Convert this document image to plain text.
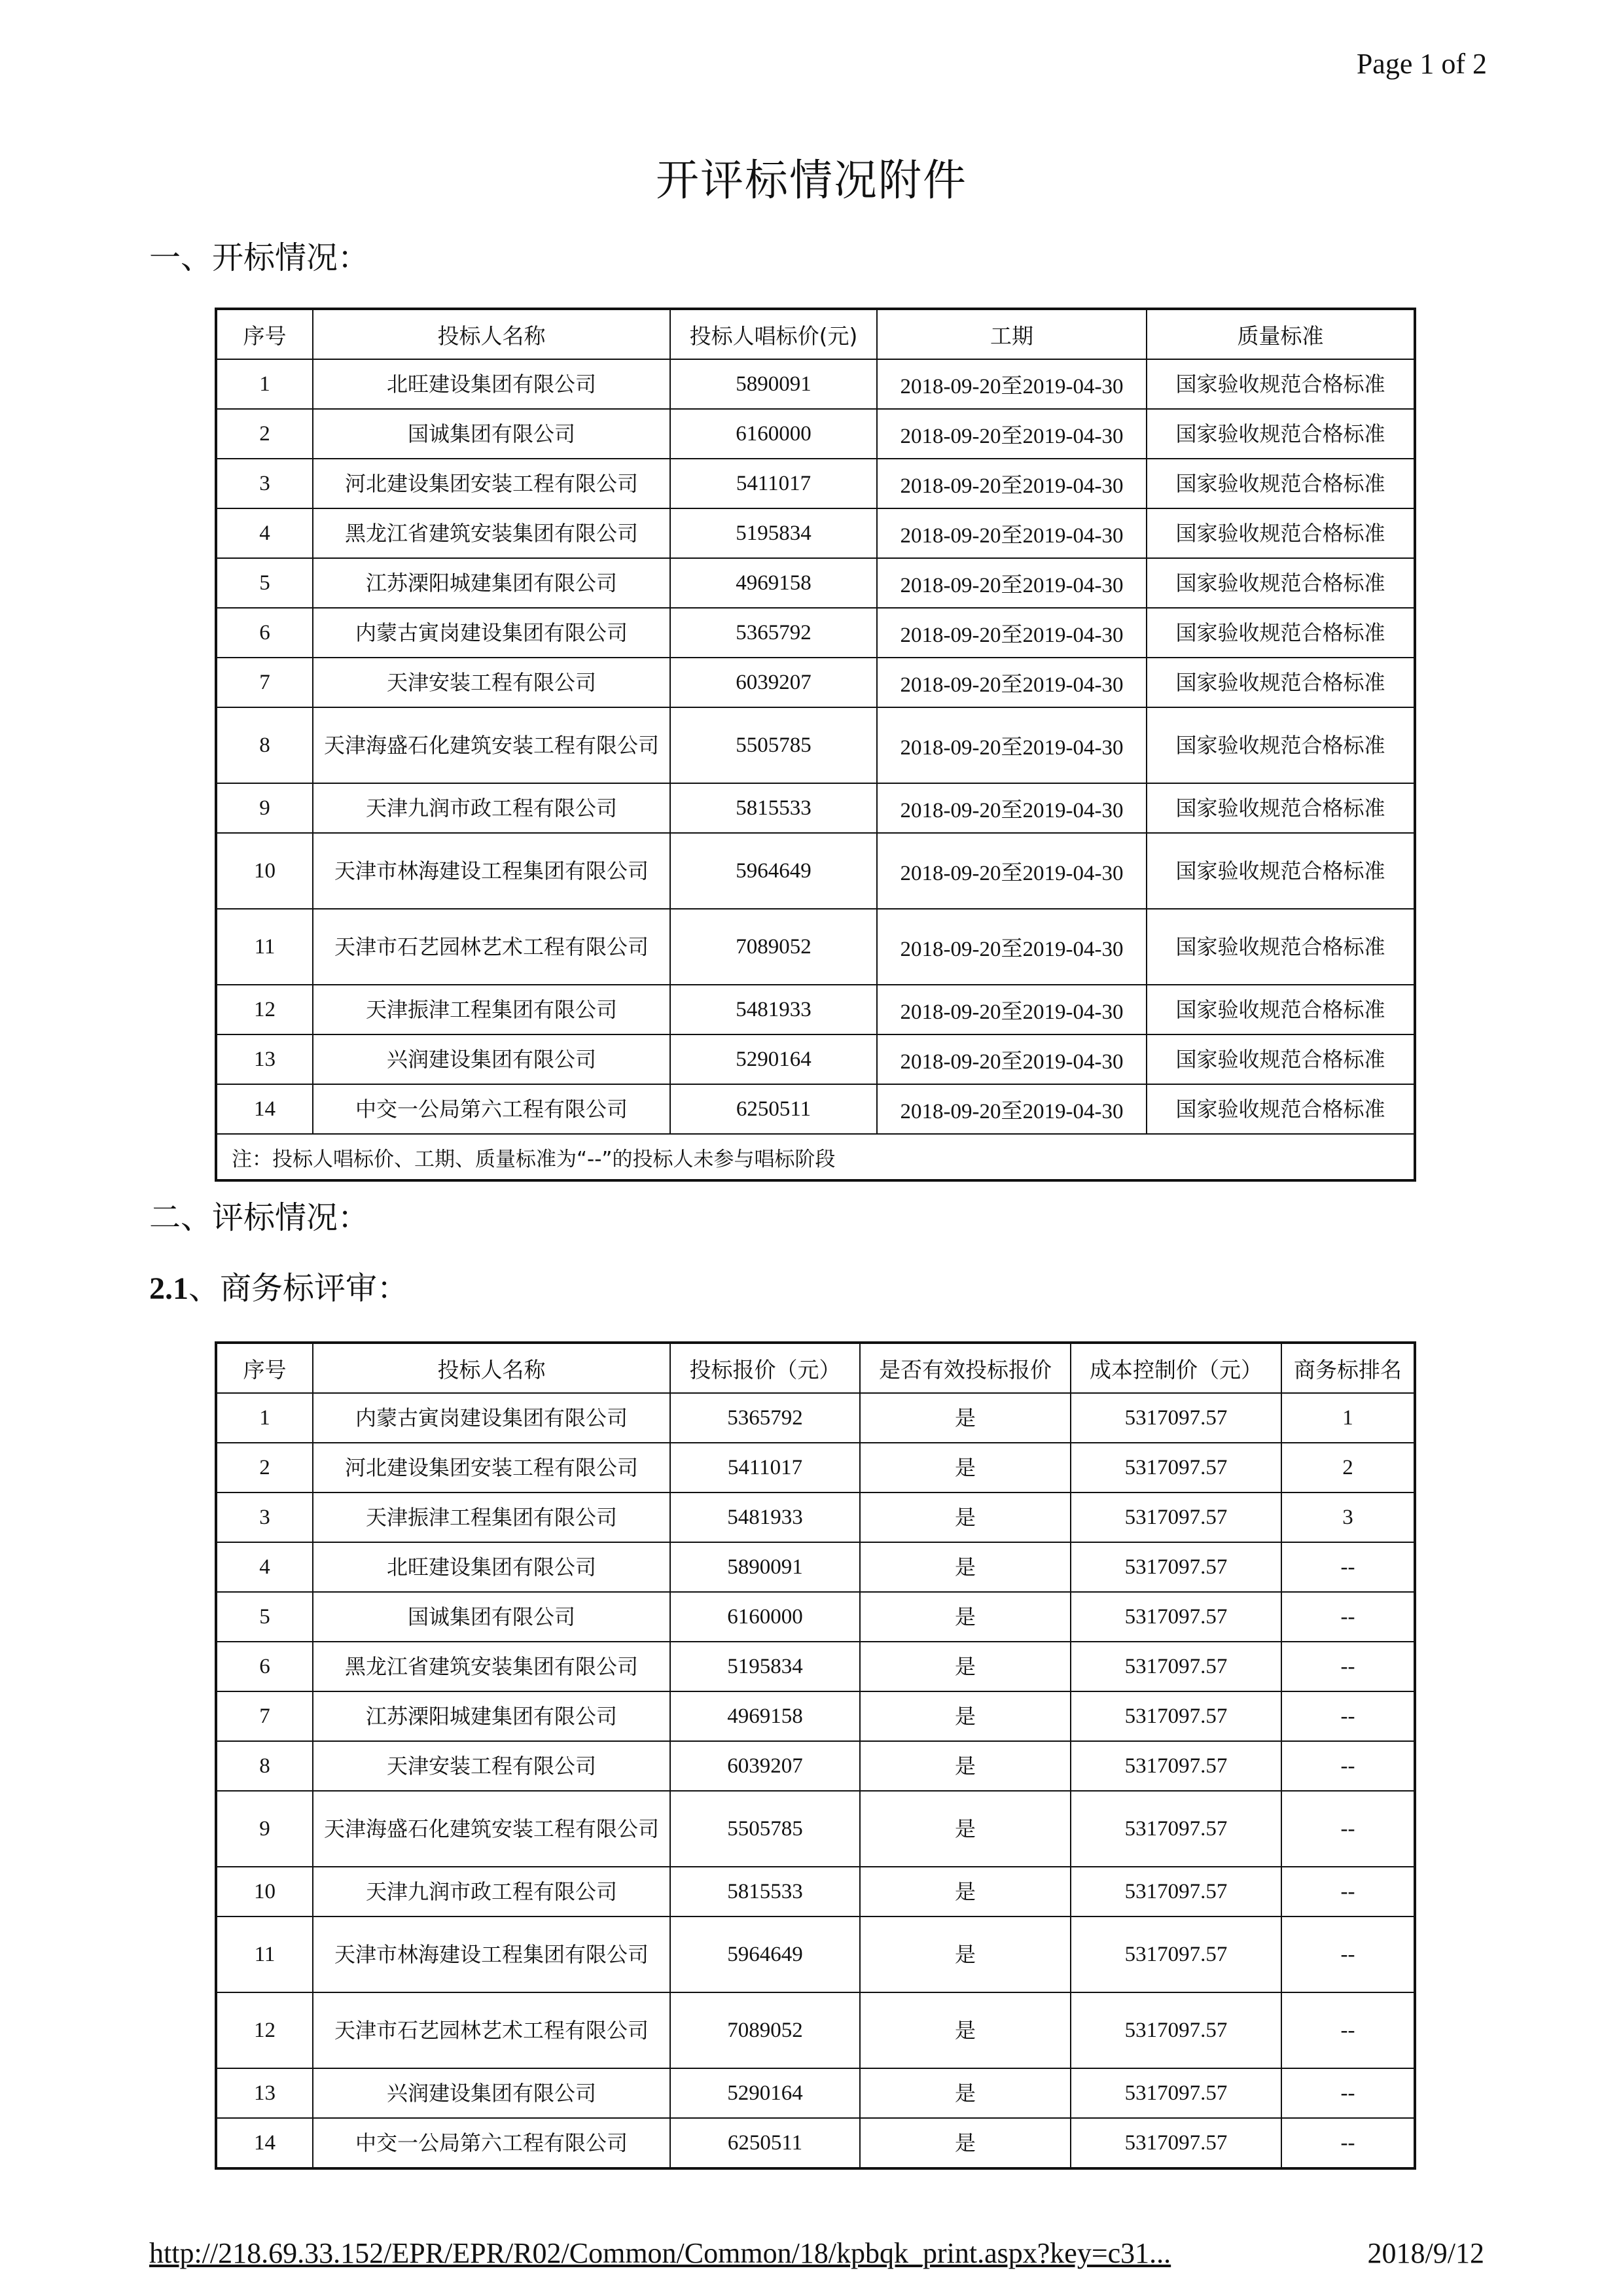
Page 1 of 2
开评标情况附件
一、开标情况：
序号	投标人名称	投标人唱标价(元)	工期	质量标准
1	北旺建设集团有限公司	5890091	2018-09-20至2019-04-30	国家验收规范合格标准
2	国诚集团有限公司	6160000	2018-09-20至2019-04-30	国家验收规范合格标准
3	河北建设集团安装工程有限公司	5411017	2018-09-20至2019-04-30	国家验收规范合格标准
4	黑龙江省建筑安装集团有限公司	5195834	2018-09-20至2019-04-30	国家验收规范合格标准
5	江苏溧阳城建集团有限公司	4969158	2018-09-20至2019-04-30	国家验收规范合格标准
6	内蒙古寅岗建设集团有限公司	5365792	2018-09-20至2019-04-30	国家验收规范合格标准
7	天津安装工程有限公司	6039207	2018-09-20至2019-04-30	国家验收规范合格标准
8	天津海盛石化建筑安装工程有限公司	5505785	2018-09-20至2019-04-30	国家验收规范合格标准
9	天津九润市政工程有限公司	5815533	2018-09-20至2019-04-30	国家验收规范合格标准
10	天津市林海建设工程集团有限公司	5964649	2018-09-20至2019-04-30	国家验收规范合格标准
11	天津市石艺园林艺术工程有限公司	7089052	2018-09-20至2019-04-30	国家验收规范合格标准
12	天津振津工程集团有限公司	5481933	2018-09-20至2019-04-30	国家验收规范合格标准
13	兴润建设集团有限公司	5290164	2018-09-20至2019-04-30	国家验收规范合格标准
14	中交一公局第六工程有限公司	6250511	2018-09-20至2019-04-30	国家验收规范合格标准
注：投标人唱标价、工期、质量标准为“--”的投标人未参与唱标阶段				
二、评标情况：
2.1、商务标评审：
序号	投标人名称	投标报价（元）	是否有效投标报价	成本控制价（元）	商务标排名
1	内蒙古寅岗建设集团有限公司	5365792	是	5317097.57	1
2	河北建设集团安装工程有限公司	5411017	是	5317097.57	2
3	天津振津工程集团有限公司	5481933	是	5317097.57	3
4	北旺建设集团有限公司	5890091	是	5317097.57	--
5	国诚集团有限公司	6160000	是	5317097.57	--
6	黑龙江省建筑安装集团有限公司	5195834	是	5317097.57	--
7	江苏溧阳城建集团有限公司	4969158	是	5317097.57	--
8	天津安装工程有限公司	6039207	是	5317097.57	--
9	天津海盛石化建筑安装工程有限公司	5505785	是	5317097.57	--
10	天津九润市政工程有限公司	5815533	是	5317097.57	--
11	天津市林海建设工程集团有限公司	5964649	是	5317097.57	--
12	天津市石艺园林艺术工程有限公司	7089052	是	5317097.57	--
13	兴润建设集团有限公司	5290164	是	5317097.57	--
14	中交一公局第六工程有限公司	6250511	是	5317097.57	--
http://218.69.33.152/EPR/EPR/R02/Common/Common/18/kpbqk_print.aspx?key=c31...	2018/9/12
